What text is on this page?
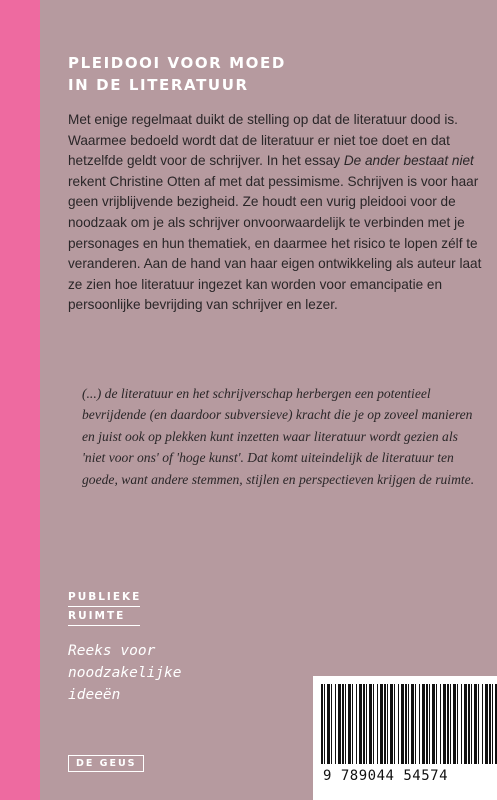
PLEIDOOI VOOR MOED
IN DE LITERATUUR

Met enige regelmaat duikt de stelling op dat de literatuur dood is. Waarmee bedoeld wordt dat de literatuur er niet toe doet en dat hetzelfde geldt voor de schrijver. In het essay De ander bestaat niet rekent Christine Otten af met dat pessimisme. Schrijven is voor haar geen vrijblijvende bezigheid. Ze houdt een vurig pleidooi voor de noodzaak om je als schrijver onvoorwaardelijk te verbinden met je personages en hun thematiek, en daarmee het risico te lopen zélf te veranderen. Aan de hand van haar eigen ontwikkeling als auteur laat ze zien hoe literatuur ingezet kan worden voor emancipatie en persoonlijke bevrijding van schrijver en lezer.

(...) de literatuur en het schrijverschap herbergen een potentieel bevrijdende (en daardoor subversieve) kracht die je op zoveel manieren en juist ook op plekken kunt inzetten waar literatuur wordt gezien als 'niet voor ons' of 'hoge kunst'. Dat komt uiteindelijk de literatuur ten goede, want andere stemmen, stijlen en perspectieven krijgen de ruimte.

PUBLIEKE
RUIMTE
Reeks voor
noodzakelijke
ideeën
DE GEUS
9 789044 54574
